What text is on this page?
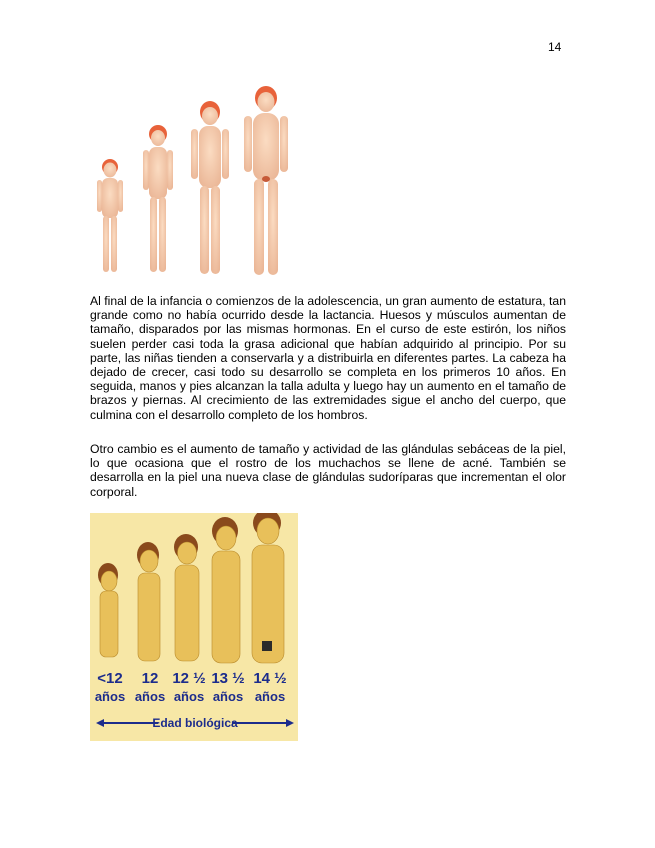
14

Al final de la infancia o comienzos de la adolescencia, un gran aumento de estatura, tan grande como no había ocurrido desde la lactancia. Huesos y músculos aumentan de tamaño, disparados por las mismas hormonas. En el curso de este estirón, los niños suelen perder casi toda la grasa adicional que habían adquirido al principio. Por su parte, las niñas tienden a conservarla y a distribuirla en diferentes partes. La cabeza ha dejado de crecer, casi todo su desarrollo se completa en los primeros 10 años. En seguida, manos y pies alcanzan la talla adulta y luego hay un aumento en el tamaño de brazos y piernas. Al crecimiento de las extremidades sigue el ancho del cuerpo, que culmina con el desarrollo completo de los hombros.

Otro cambio es el aumento de tamaño y actividad de las glándulas sebáceas de la piel, lo que ocasiona que el rostro de los muchachos se llene de acné. También se desarrolla en la piel una nueva clase de glándulas sudoríparas que incrementan el olor corporal.

<12
años
12
años
12 ½
años
13 ½
años
14 ½
años
Edad biológica
